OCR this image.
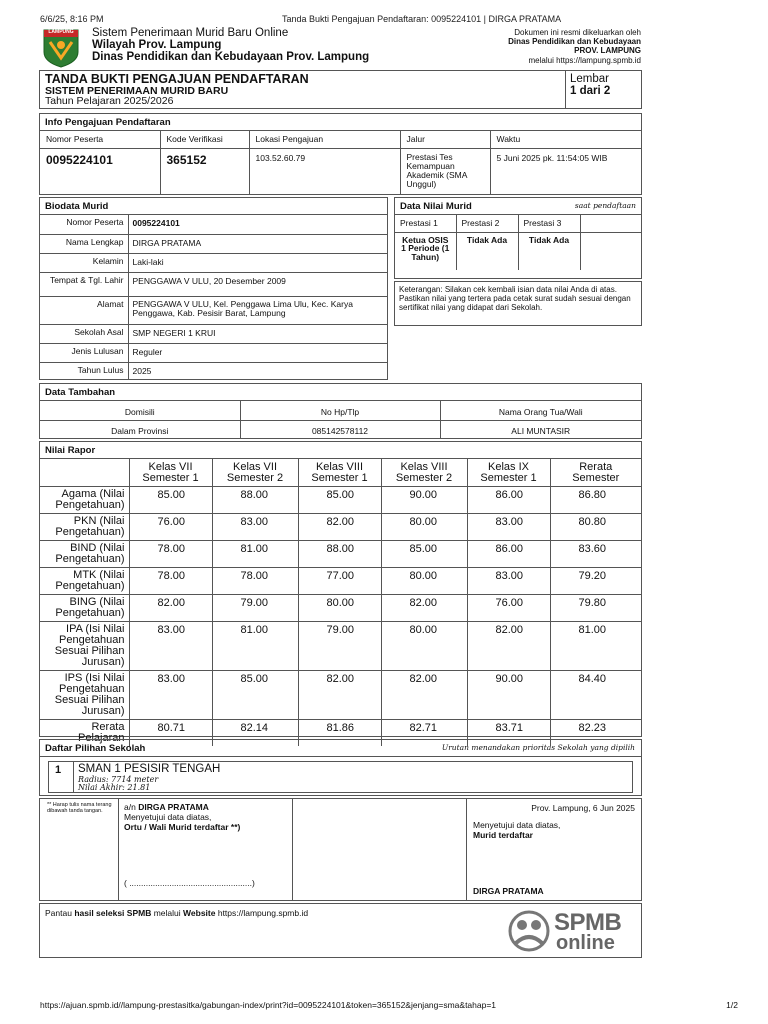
6/6/25, 8:16 PM	Tanda Bukti Pengajuan Pendaftaran: 0095224101 | DIRGA PRATAMA
LAMPUNG	Sistem Penerimaan Murid Baru Online
Wilayah Prov. Lampung
Dinas Pendidikan dan Kebudayaan Prov. Lampung
Dokumen ini resmi dikeluarkan oleh
Dinas Pendidikan dan Kebudayaan
PROV. LAMPUNG
melalui https://lampung.spmb.id
TANDA BUKTI PENGAJUAN PENDAFTARAN
SISTEM PENERIMAAN MURID BARU
Tahun Pelajaran 2025/2026
Lembar
1 dari 2
Info Pengajuan Pendaftaran
Nomor Peserta	Kode Verifikasi	Lokasi Pengajuan	Jalur	Waktu
0095224101	365152	103.52.60.79	Prestasi Tes Kemampuan Akademik (SMA Unggul)	5 Juni 2025 pk. 11:54:05 WIB
Biodata Murid
Nomor Peserta	0095224101
Nama Lengkap	DIRGA PRATAMA
Kelamin	Laki-laki
Tempat & Tgl. Lahir	PENGGAWA V ULU, 20 Desember 2009
Alamat	PENGGAWA V ULU, Kel. Penggawa Lima Ulu, Kec. Karya Penggawa, Kab. Pesisir Barat, Lampung
Sekolah Asal	SMP NEGERI 1 KRUI
Jenis Lulusan	Reguler
Tahun Lulus	2025
Data Nilai Murid	saat pendaftaan
Prestasi 1	Prestasi 2	Prestasi 3	
Ketua OSIS 1 Periode (1 Tahun)	Tidak Ada	Tidak Ada	
Keterangan: Silakan cek kembali isian data nilai Anda di atas. Pastikan nilai yang tertera pada cetak surat sudah sesuai dengan sertifikat nilai yang didapat dari Sekolah.
Data Tambahan
Domisili	No Hp/Tlp	Nama Orang Tua/Wali
Dalam Provinsi	085142578112	ALI MUNTASIR
Nilai Rapor
	Kelas VII Semester 1	Kelas VII Semester 2	Kelas VIII Semester 1	Kelas VIII Semester 2	Kelas IX Semester 1	Rerata Semester
Agama (Nilai Pengetahuan)	85.00	88.00	85.00	90.00	86.00	86.80
PKN (Nilai Pengetahuan)	76.00	83.00	82.00	80.00	83.00	80.80
BIND (Nilai Pengetahuan)	78.00	81.00	88.00	85.00	86.00	83.60
MTK (Nilai Pengetahuan)	78.00	78.00	77.00	80.00	83.00	79.20
BING (Nilai Pengetahuan)	82.00	79.00	80.00	82.00	76.00	79.80
IPA (Isi Nilai Pengetahuan Sesuai Pilihan Jurusan)	83.00	81.00	79.00	80.00	82.00	81.00
IPS (Isi Nilai Pengetahuan Sesuai Pilihan Jurusan)	83.00	85.00	82.00	82.00	90.00	84.40
Rerata Pelajaran	80.71	82.14	81.86	82.71	83.71	82.23
Daftar Pilihan Sekolah	Urutan menandakan prioritas Sekolah yang dipilih
1 SMAN 1 PESISIR TENGAH
Radius: 7714 meter
Nilai Akhir: 21.81
** Harap tulis nama terang dibawah tanda tangan.	a/n DIRGA PRATAMA
Menyetujui data diatas,
Ortu / Wali Murid terdaftar **)
( ....................................................)
Prov. Lampung, 6 Jun 2025
Menyetujui data diatas,
Murid terdaftar
DIRGA PRATAMA
Pantau hasil seleksi SPMB melalui Website https://lampung.spmb.id	SPMB
online
https://ajuan.spmb.id//lampung-prestasitka/gabungan-index/print?id=0095224101&token=365152&jenjang=sma&tahap=1	1/2
